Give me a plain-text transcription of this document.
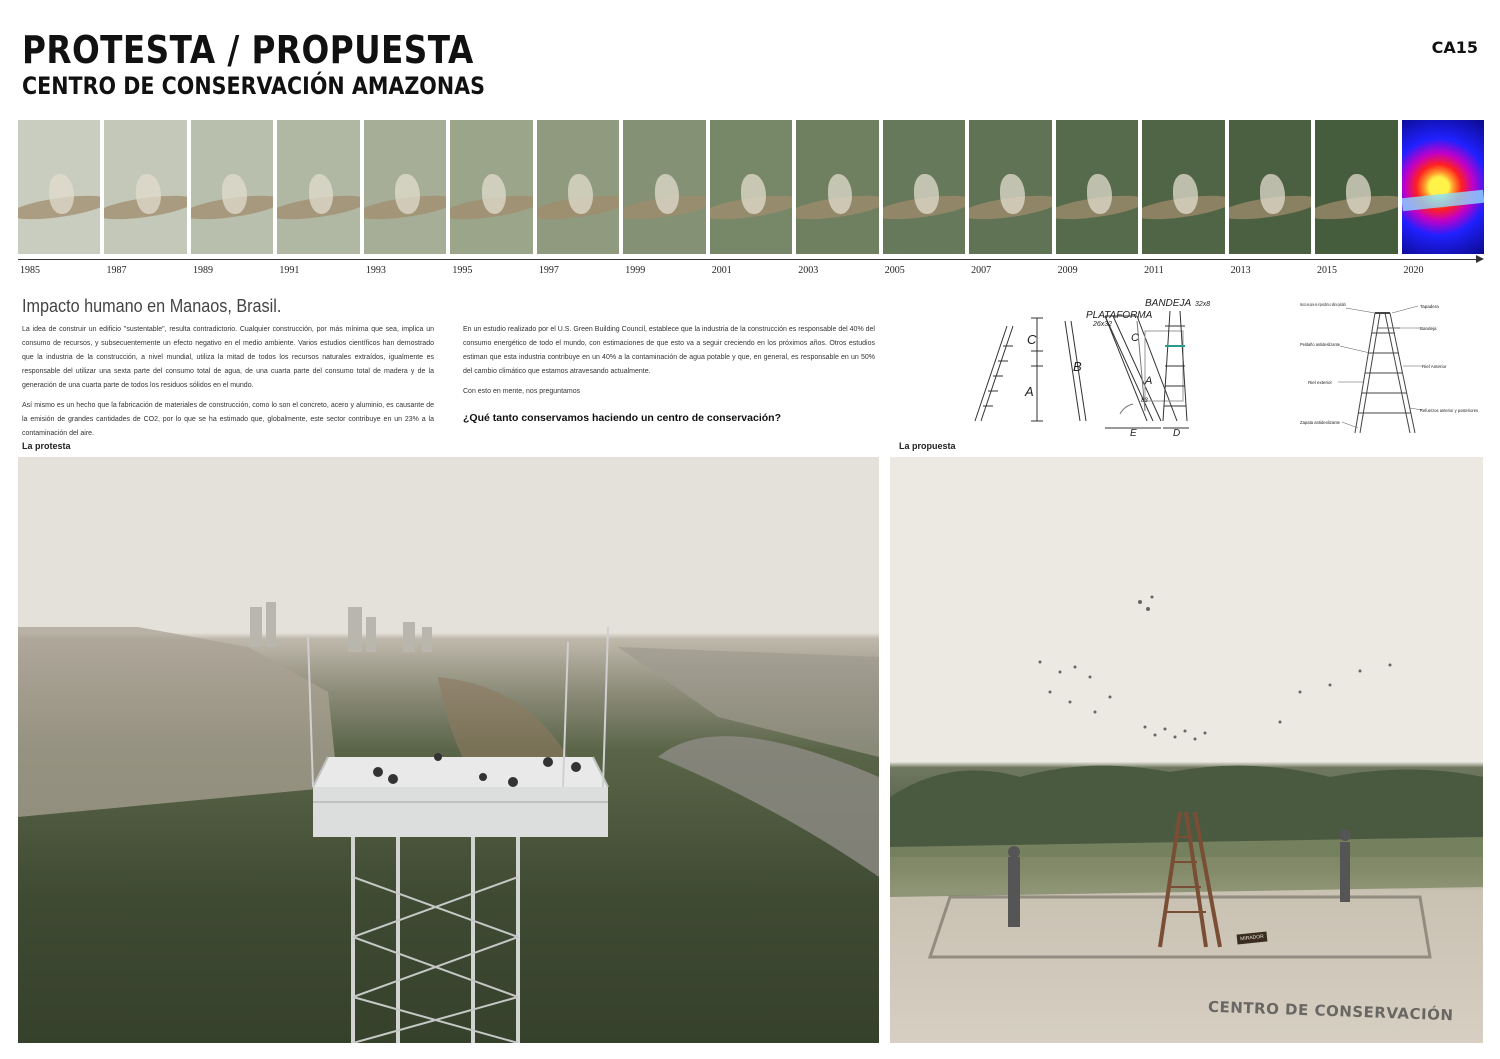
PROTESTA / PROPUESTA
CENTRO DE CONSERVACIÓN AMAZONAS
CA15
1985	1987	1989	1991	1993	1995	1997	1999	2001	2003	2005	2007	2009	2011	2013	2015	2020
Impacto humano en Manaos, Brasil.

La idea de construir un edificio "sustentable", resulta contradictorio. Cualquier construcción, por más mínima que sea, implica un consumo de recursos, y subsecuentemente un efecto negativo en el medio ambiente. Varios estudios científicos han demostrado que la industria de la construcción, a nivel mundial, utiliza la mitad de todos los recursos naturales extraídos, igualmente es responsable del utilizar una sexta parte del consumo total de agua, de una cuarta parte del consumo total de madera y de la generación de una cuarta parte de todos los residuos sólidos en el mundo.

Así mismo es un hecho que la fabricación de materiales de construcción, como lo son el concreto, acero y aluminio, es causante de la emisión de grandes cantidades de CO2, por lo que se ha estimado que, globalmente, este sector contribuye en un 23% a la contaminación del aire.

En un estudio realizado por el U.S. Green Building Council, establece que la industria de la construcción es responsable del 40% del consumo energético de todo el mundo, con estimaciones de que esto va a seguir creciendo en los próximos años. Otros estudios estiman que esta industria contribuye en un 40% a la contaminación de agua potable y que, en general, es responsable en un 50% del cambio climático que estamos atravesando actualmente.

Con esto en mente, nos preguntamos

¿Qué tanto conservamos haciendo un centro de conservación?
C
A
B
PLATAFORMA
26x32
BANDEJA 32x8
C
A
83
E	D
Nunca se pare en el penúltimo o último peldaño	Tapadera
Bandeja
Peldaño antideslizante
Riel Anterior
Riel exterior
Refuerzos anterior y posteriores
Zapata antideslizante
La protesta	La propuesta
MIRADOR
CENTRO DE CONSERVACIÓN
